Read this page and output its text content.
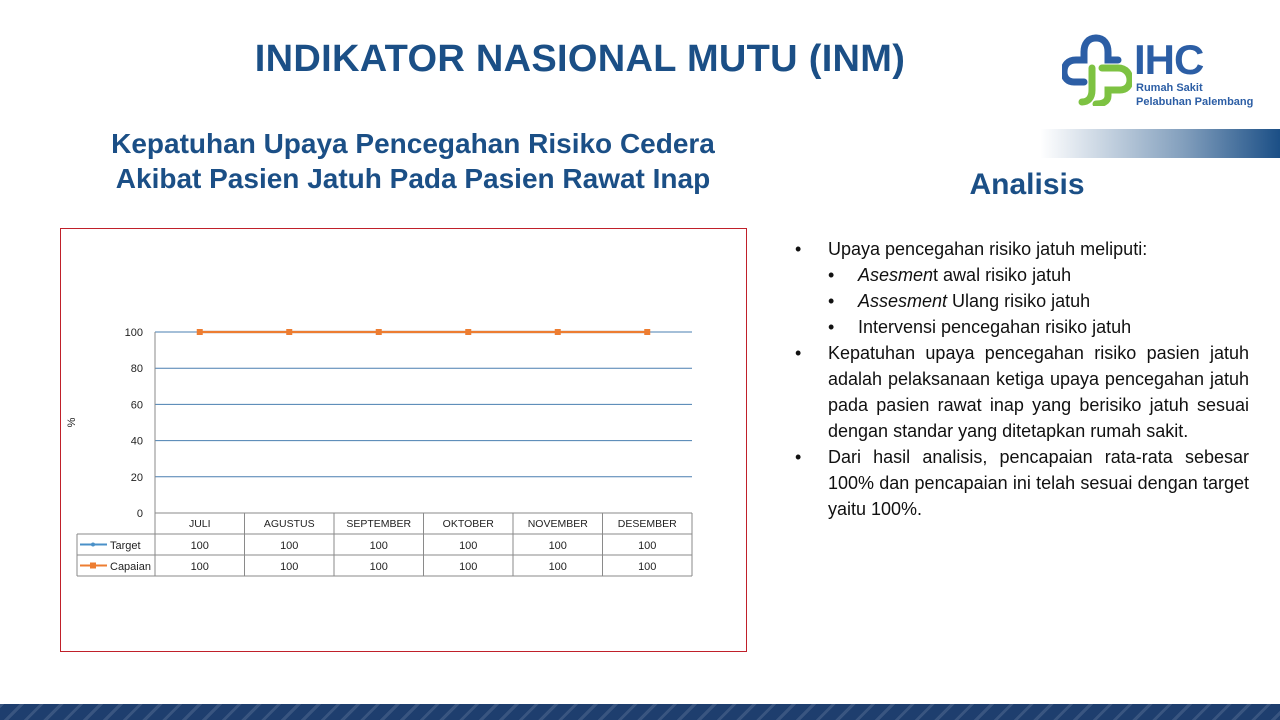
INDIKATOR NASIONAL MUTU (INM)	IHC
Rumah Sakit
Pelabuhan Palembang
Kepatuhan Upaya Pencegahan Risiko Cedera
Akibat Pasien Jatuh Pada Pasien Rawat Inap	Analisis
0
20
40
60
80
100
%
JULI	AGUSTUS	SEPTEMBER	OKTOBER	NOVEMBER	DESEMBER
Target	100	100	100	100	100	100
Capaian	100	100	100	100	100	100
• Upaya pencegahan risiko jatuh meliputi:
• Asesment awal risiko jatuh
• Assesment Ulang risiko jatuh
• Intervensi pencegahan risiko jatuh
• Kepatuhan upaya pencegahan risiko pasien jatuh adalah pelaksanaan ketiga upaya pencegahan jatuh pada pasien rawat inap yang berisiko jatuh sesuai dengan standar yang ditetapkan rumah sakit.
• Dari hasil analisis, pencapaian rata-rata sebesar 100% dan pencapaian ini telah sesuai dengan target yaitu 100%.
